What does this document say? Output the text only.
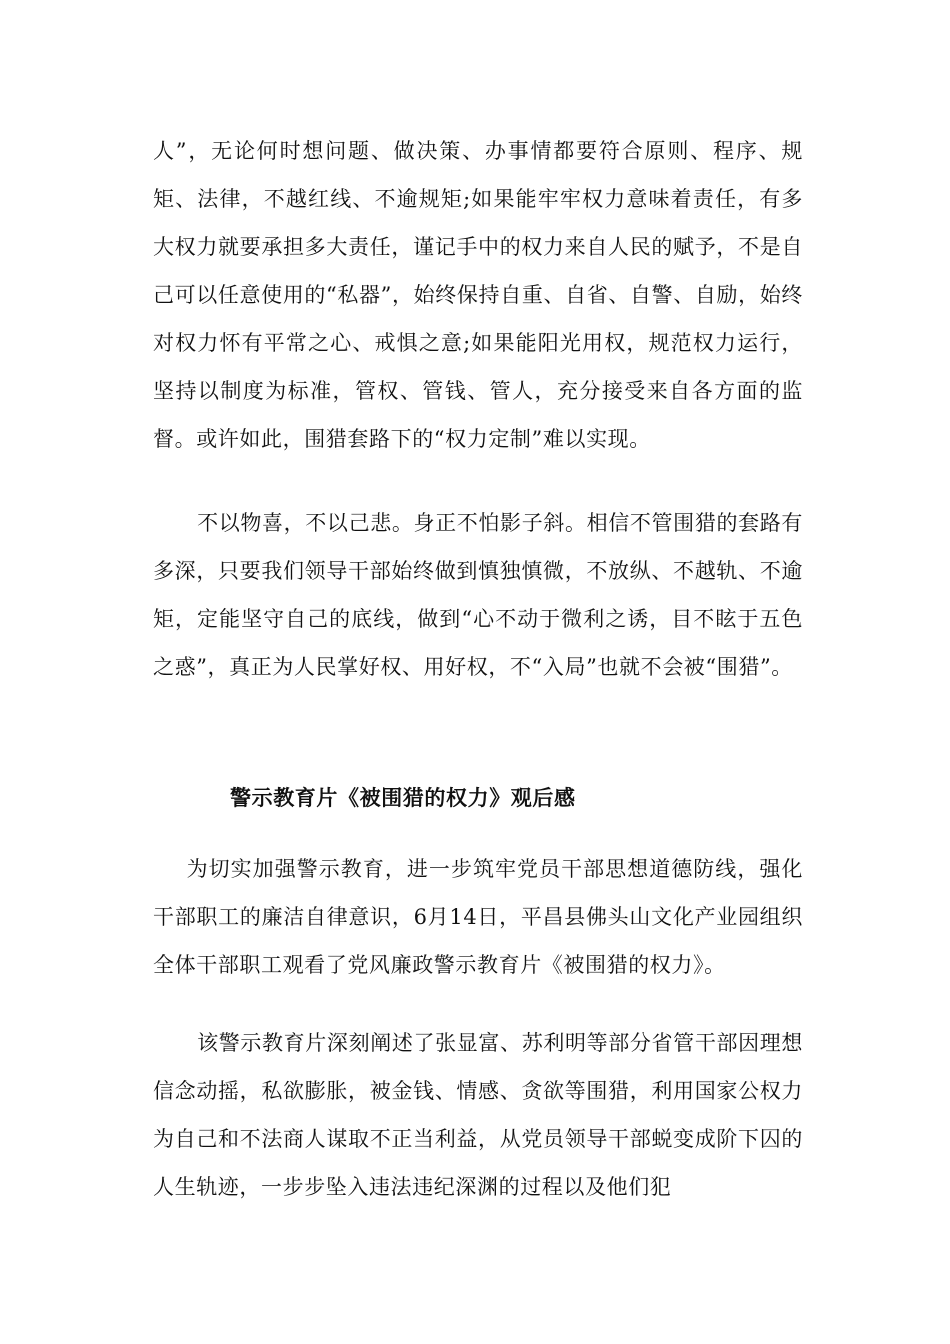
人”，无论何时想问题、做决策、办事情都要符合原则、程序、规矩、法律，不越红线、不逾规矩;如果能牢牢权力意味着责任，有多大权力就要承担多大责任，谨记手中的权力来自人民的赋予，不是自己可以任意使用的“私器”，始终保持自重、自省、自警、自励，始终对权力怀有平常之心、戒惧之意;如果能阳光用权，规范权力运行，坚持以制度为标准，管权、管钱、管人，充分接受来自各方面的监督。或许如此，围猎套路下的“权力定制”难以实现。

不以物喜，不以己悲。身正不怕影子斜。相信不管围猎的套路有多深，只要我们领导干部始终做到慎独慎微，不放纵、不越轨、不逾矩，定能坚守自己的底线，做到“心不动于微利之诱，目不眩于五色之惑”，真正为人民掌好权、用好权，不“入局”也就不会被“围猎”。

警示教育片《被围猎的权力》观后感

为切实加强警示教育，进一步筑牢党员干部思想道德防线，强化干部职工的廉洁自律意识，6月14日，平昌县佛头山文化产业园组织全体干部职工观看了党风廉政警示教育片《被围猎的权力》。

该警示教育片深刻阐述了张显富、苏利明等部分省管干部因理想信念动摇，私欲膨胀，被金钱、情感、贪欲等围猎，利用国家公权力为自己和不法商人谋取不正当利益，从党员领导干部蜕变成阶下囚的人生轨迹，一步步坠入违法违纪深渊的过程以及他们犯
